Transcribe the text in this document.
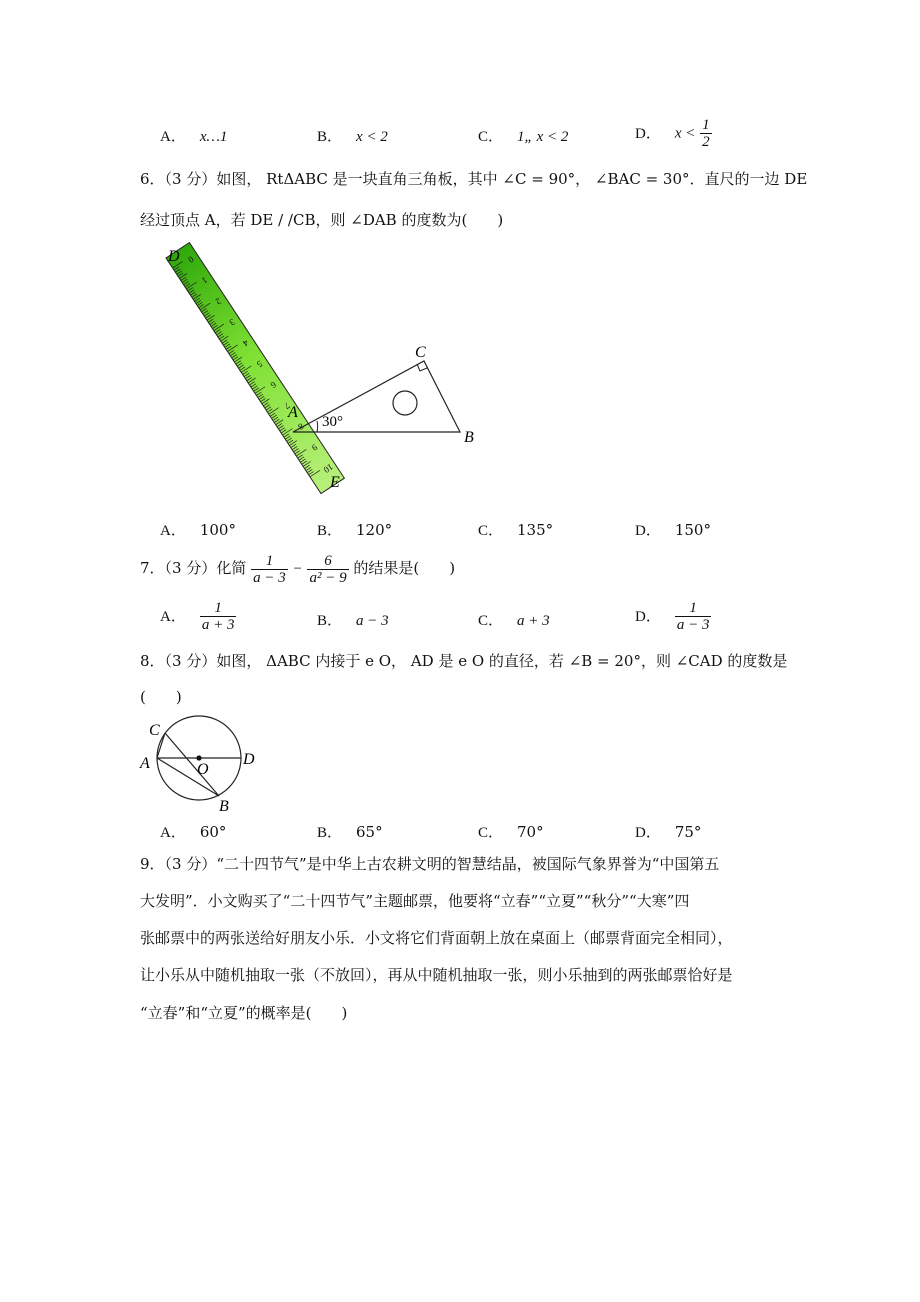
A． x…1	B． x < 2	C． 1„ x < 2	D． $x < \frac{1}{2}$
6．（3 分）如图， RtΔABC 是一块直角三角板，其中 ∠C = 90°， ∠BAC = 30°．直尺的一边 DE
经过顶点 A，若 DE / /CB，则 ∠DAB 的度数为(　　)
0
1
2
3
4
5
6
7
8
9
10
D
E
A
B
C
30°
A． 100°	B． 120°	C． 135°	D． 150°
7．（3 分）化简 $\frac{1}{a - 3} - \frac{6}{\text{a² − 9}}$ 的结果是(　　)
A． $\frac{1}{a + 3}$	B． a − 3	C． a + 3	D． $\frac{1}{a - 3}$
8．（3 分）如图， ΔABC 内接于 e O， AD 是 e O 的直径，若 ∠B = 20°，则 ∠CAD 的度数是
(　　)
C
A	O
D
B
A． 60°	B． 65°	C． 70°	D． 75°
9．（3 分）“二十四节气”是中华上古农耕文明的智慧结晶，被国际气象界誉为“中国第五
大发明”．小文购买了“二十四节气”主题邮票，他要将“立春”“立夏”“秋分”“大寒”四
张邮票中的两张送给好朋友小乐．小文将它们背面朝上放在桌面上（邮票背面完全相同），
让小乐从中随机抽取一张（不放回），再从中随机抽取一张，则小乐抽到的两张邮票恰好是
“立春”和“立夏”的概率是(　　)
